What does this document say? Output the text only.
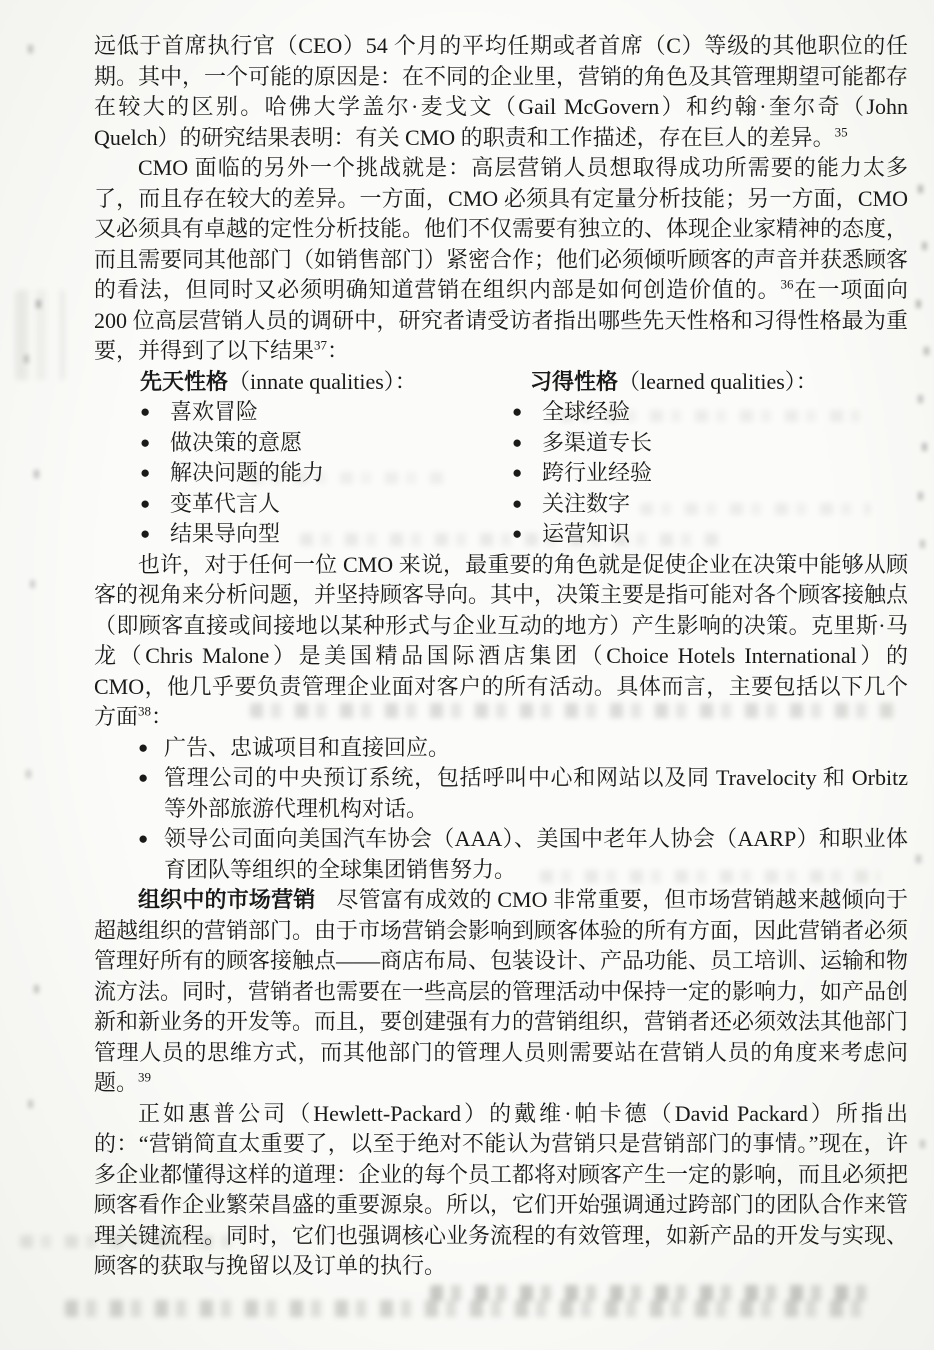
远低于首席执行官（CEO）54 个月的平均任期或者首席（C）等级的其他职位的任期。其中，一个可能的原因是：在不同的企业里，营销的角色及其管理期望可能都存在较大的区别。哈佛大学盖尔·麦戈文（Gail McGovern）和约翰·奎尔奇（John Quelch）的研究结果表明：有关 CMO 的职责和工作描述，存在巨人的差异。$^{35}$

CMO 面临的另外一个挑战就是：高层营销人员想取得成功所需要的能力太多了，而且存在较大的差异。一方面，CMO 必须具有定量分析技能；另一方面，CMO 又必须具有卓越的定性分析技能。他们不仅需要有独立的、体现企业家精神的态度，而且需要同其他部门（如销售部门）紧密合作；他们必须倾听顾客的声音并获悉顾客的看法，但同时又必须明确知道营销在组织内部是如何创造价值的。$^{36}$在一项面向 200 位高层营销人员的调研中，研究者请受访者指出哪些先天性格和习得性格最为重要，并得到了以下结果$^{37}$：

先天性格（innate qualities）：
● 喜欢冒险
● 做决策的意愿
● 解决问题的能力
● 变革代言人
● 结果导向型
习得性格（learned qualities）：
● 全球经验
● 多渠道专长
● 跨行业经验
● 关注数字
● 运营知识

也许，对于任何一位 CMO 来说，最重要的角色就是促使企业在决策中能够从顾客的视角来分析问题，并坚持顾客导向。其中，决策主要是指可能对各个顾客接触点（即顾客直接或间接地以某种形式与企业互动的地方）产生影响的决策。克里斯·马龙（Chris Malone）是美国精品国际酒店集团（Choice Hotels International）的 CMO，他几乎要负责管理企业面对客户的所有活动。具体而言，主要包括以下几个方面$^{38}$：

● 广告、忠诚项目和直接回应。
● 管理公司的中央预订系统，包括呼叫中心和网站以及同 Travelocity 和 Orbitz 等外部旅游代理机构对话。
● 领导公司面向美国汽车协会（AAA）、美国中老年人协会（AARP）和职业体育团队等组织的全球集团销售努力。

组织中的市场营销 尽管富有成效的 CMO 非常重要，但市场营销越来越倾向于超越组织的营销部门。由于市场营销会影响到顾客体验的所有方面，因此营销者必须管理好所有的顾客接触点——商店布局、包装设计、产品功能、员工培训、运输和物流方法。同时，营销者也需要在一些高层的管理活动中保持一定的影响力，如产品创新和新业务的开发等。而且，要创建强有力的营销组织，营销者还必须效法其他部门管理人员的思维方式，而其他部门的管理人员则需要站在营销人员的角度来考虑问题。$^{39}$

正如惠普公司（Hewlett-Packard）的戴维·帕卡德（David Packard）所指出的：“营销简直太重要了，以至于绝对不能认为营销只是营销部门的事情。”现在，许多企业都懂得这样的道理：企业的每个员工都将对顾客产生一定的影响，而且必须把顾客看作企业繁荣昌盛的重要源泉。所以，它们开始强调通过跨部门的团队合作来管理关键流程。同时，它们也强调核心业务流程的有效管理，如新产品的开发与实现、顾客的获取与挽留以及订单的执行。
